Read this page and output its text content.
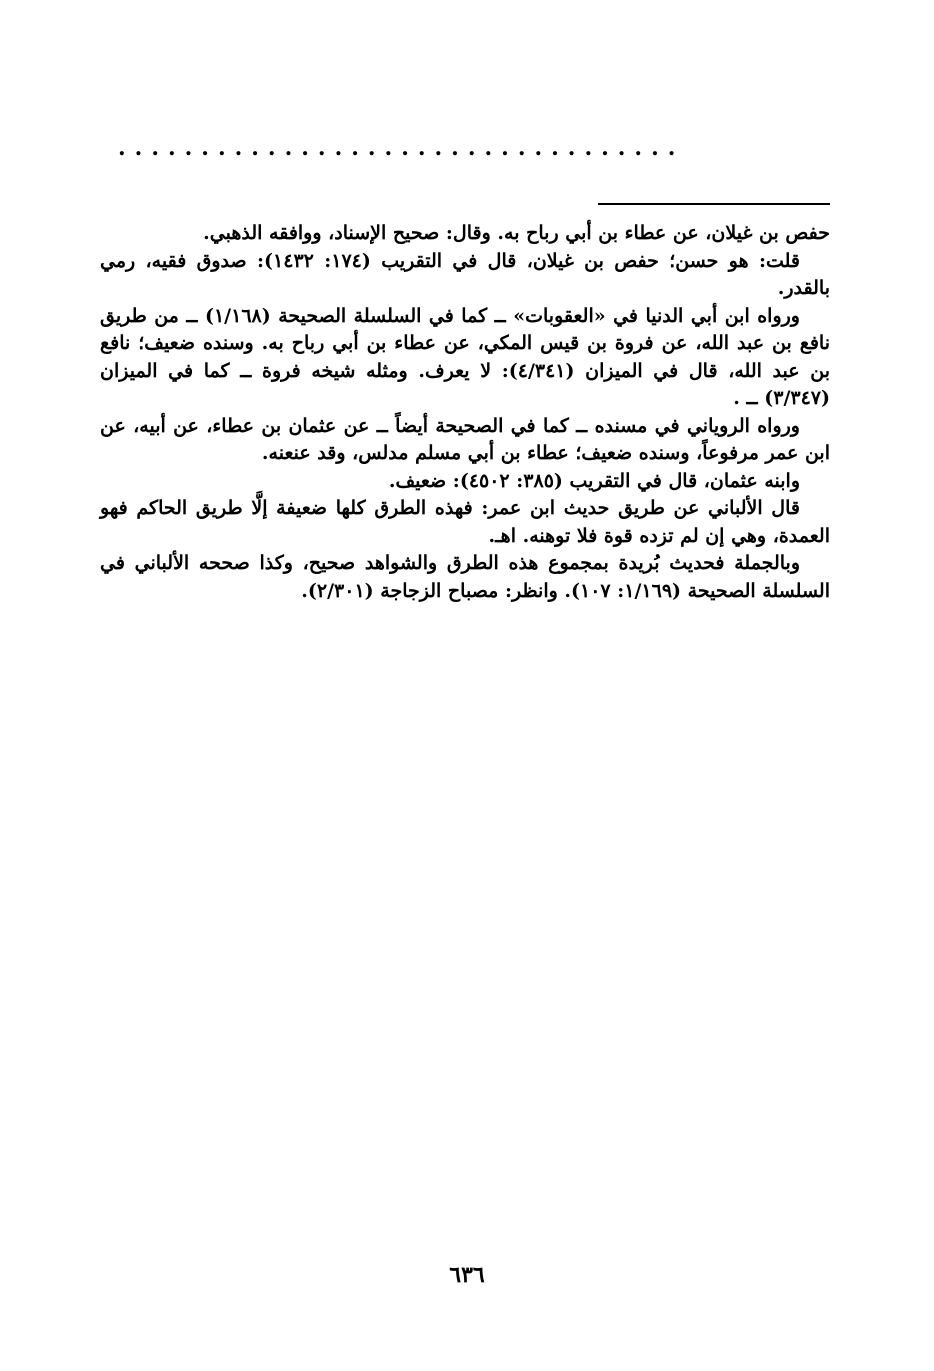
..................................

حفص بن غيلان، عن عطاء بن أبي رباح به. وقال: صحيح الإسناد، ووافقه الذهبي.

قلت: هو حسن؛ حفص بن غيلان، قال في التقريب (١٧٤: ١٤٣٢): صدوق فقيه، رمي بالقدر.

ورواه ابن أبي الدنيا في «العقوبات» ــ كما في السلسلة الصحيحة (١/١٦٨) ــ من طريق نافع بن عبد الله، عن فروة بن قيس المكي، عن عطاء بن أبي رباح به. وسنده ضعيف؛ نافع بن عبد الله، قال في الميزان (٤/٣٤١): لا يعرف. ومثله شيخه فروة ــ كما في الميزان (٣/٣٤٧) ــ .

ورواه الروياني في مسنده ــ كما في الصحيحة أيضاً ــ عن عثمان بن عطاء، عن أبيه، عن ابن عمر مرفوعاً، وسنده ضعيف؛ عطاء بن أبي مسلم مدلس، وقد عنعنه.

وابنه عثمان، قال في التقريب (٣٨٥: ٤٥٠٢): ضعيف.

قال الألباني عن طريق حديث ابن عمر: فهذه الطرق كلها ضعيفة إلَّا طريق الحاكم فهو العمدة، وهي إن لم تزده قوة فلا توهنه. اهـ.

وبالجملة فحديث بُريدة بمجموع هذه الطرق والشواهد صحيح، وكذا صححه الألباني في السلسلة الصحيحة (١/١٦٩: ١٠٧). وانظر: مصباح الزجاجة (٢/٣٠١).

٦٣٦
